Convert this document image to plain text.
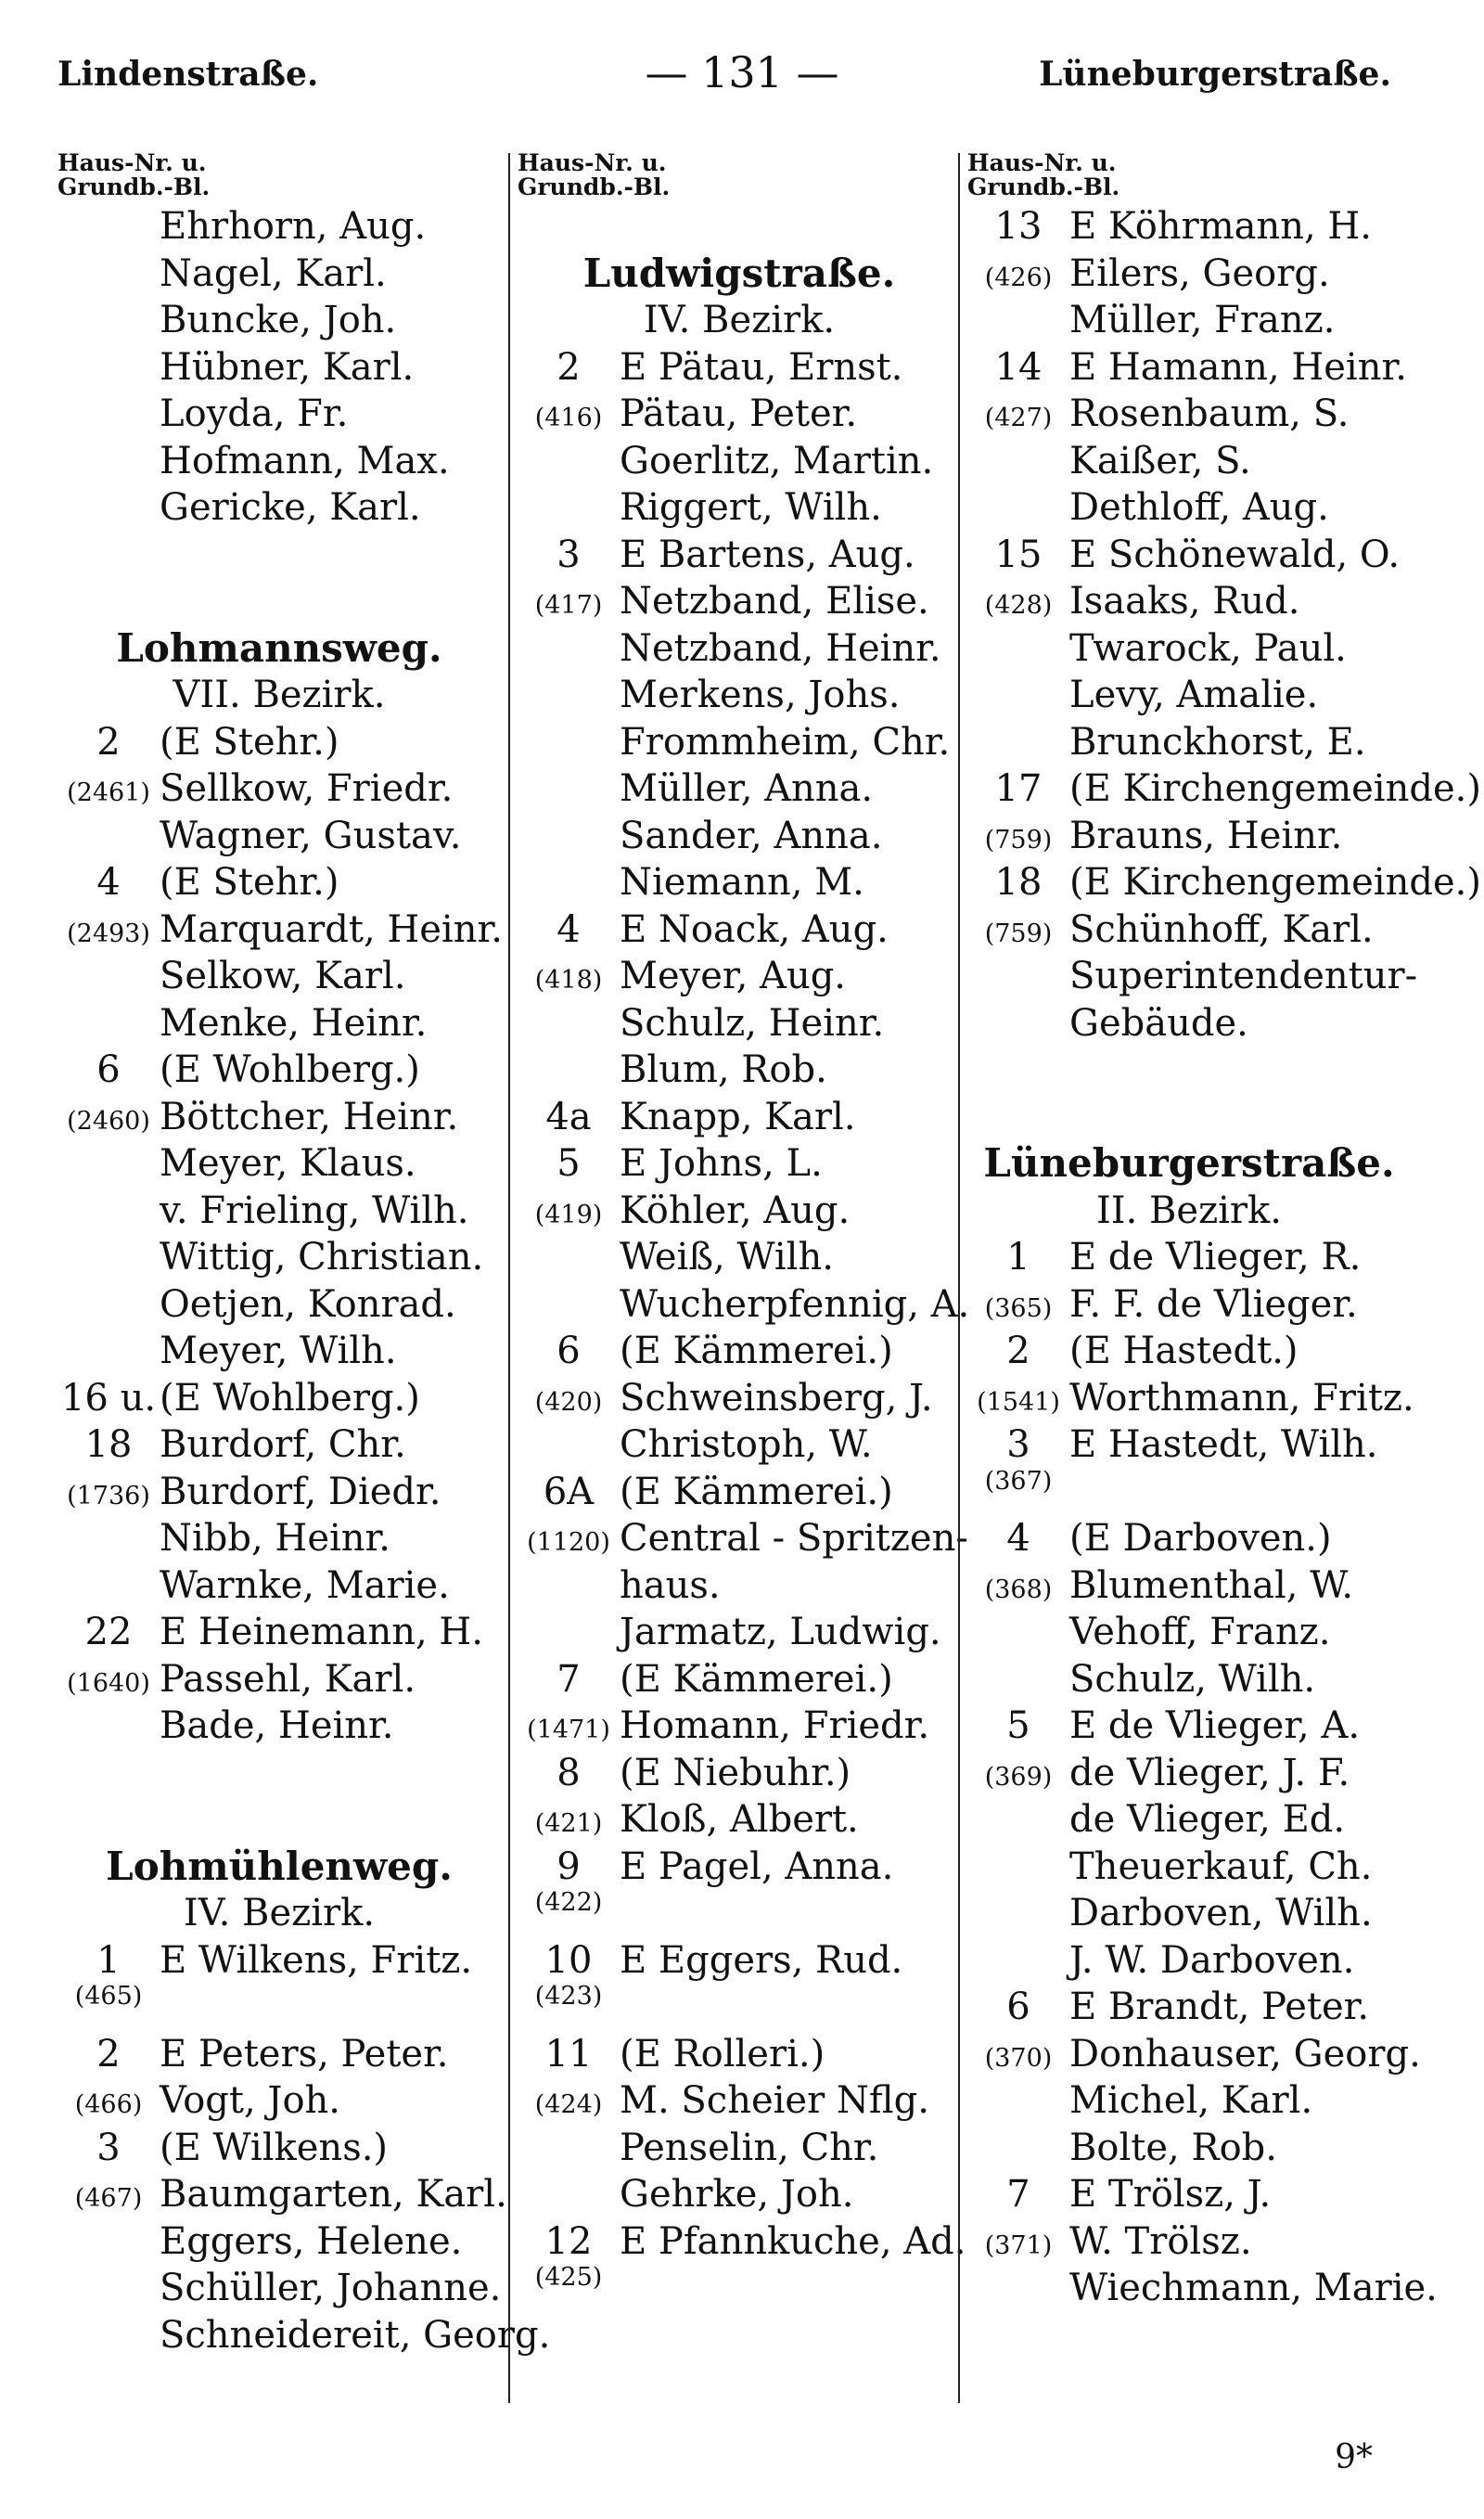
Lindenstraße.	— 131 —	Lüneburgerstraße.
Haus-Nr. u.
Grundb.-Bl.
Ehrhorn, Aug.
Nagel, Karl.
Buncke, Joh.
Hübner, Karl.
Loyda, Fr.
Hofmann, Max.
Gericke, Karl.
Lohmannsweg.
VII. Bezirk.
2	(E Stehr.)
(2461) Sellkow, Friedr.
Wagner, Gustav.
4	(E Stehr.)
(2493) Marquardt, Heinr.
Selkow, Karl.
Menke, Heinr.
6	(E Wohlberg.)
(2460) Böttcher, Heinr.
Meyer, Klaus.
v. Frieling, Wilh.
Wittig, Christian.
Oetjen, Konrad.
Meyer, Wilh.
16 u. (E Wohlberg.)
18 Burdorf, Chr.
(1736) Burdorf, Diedr.
Nibb, Heinr.
Warnke, Marie.
22 E Heinemann, H.
(1640) Passehl, Karl.
Bade, Heinr.
Lohmühlenweg.
IV. Bezirk.
1	E Wilkens, Fritz.
(465)
2	E Peters, Peter.
(466) Vogt, Joh.
3	(E Wilkens.)
(467) Baumgarten, Karl.
Eggers, Helene.
Schüller, Johanne.
Schneidereit, Georg.
Haus-Nr. u.
Grundb.-Bl.
Ludwigstraße.
IV. Bezirk.
2	E Pätau, Ernst.
(416) Pätau, Peter.
Goerlitz, Martin.
Riggert, Wilh.
3	E Bartens, Aug.
(417) Netzband, Elise.
Netzband, Heinr.
Merkens, Johs.
Frommheim, Chr.
Müller, Anna.
Sander, Anna.
Niemann, M.
4	E Noack, Aug.
(418) Meyer, Aug.
Schulz, Heinr.
Blum, Rob.
4a Knapp, Karl.
5	E Johns, L.
(419) Köhler, Aug.
Weiß, Wilh.
Wucherpfennig, A.
6	(E Kämmerei.)
(420) Schweinsberg, J.
Christoph, W.
6A (E Kämmerei.)
(1120) Central - Spritzen-
haus.
Jarmatz, Ludwig.
7	(E Kämmerei.)
(1471) Homann, Friedr.
8	(E Niebuhr.)
(421) Kloß, Albert.
9	E Pagel, Anna.
(422)
10 E Eggers, Rud.
(423)
11 (E Rolleri.)
(424) M. Scheier Nflg.
Penselin, Chr.
Gehrke, Joh.
12 E Pfannkuche, Ad.
(425)
Haus-Nr. u.
Grundb.-Bl.
13 E Köhrmann, H.
(426) Eilers, Georg.
Müller, Franz.
14 E Hamann, Heinr.
(427) Rosenbaum, S.
Kaißer, S.
Dethloff, Aug.
15 E Schönewald, O.
(428) Isaaks, Rud.
Twarock, Paul.
Levy, Amalie.
Brunckhorst, E.
17 (E Kirchengemeinde.)
(759) Brauns, Heinr.
18 (E Kirchengemeinde.)
(759) Schünhoff, Karl.
Superintendentur-
Gebäude.
Lüneburgerstraße.
II. Bezirk.
1	E de Vlieger, R.
(365) F. F. de Vlieger.
2	(E Hastedt.)
(1541) Worthmann, Fritz.
3	E Hastedt, Wilh.
(367)
4	(E Darboven.)
(368) Blumenthal, W.
Vehoff, Franz.
Schulz, Wilh.
5	E de Vlieger, A.
(369) de Vlieger, J. F.
de Vlieger, Ed.
Theuerkauf, Ch.
Darboven, Wilh.
J. W. Darboven.
6	E Brandt, Peter.
(370) Donhauser, Georg.
Michel, Karl.
Bolte, Rob.
7	E Trölsz, J.
(371) W. Trölsz.
Wiechmann, Marie.
9*
